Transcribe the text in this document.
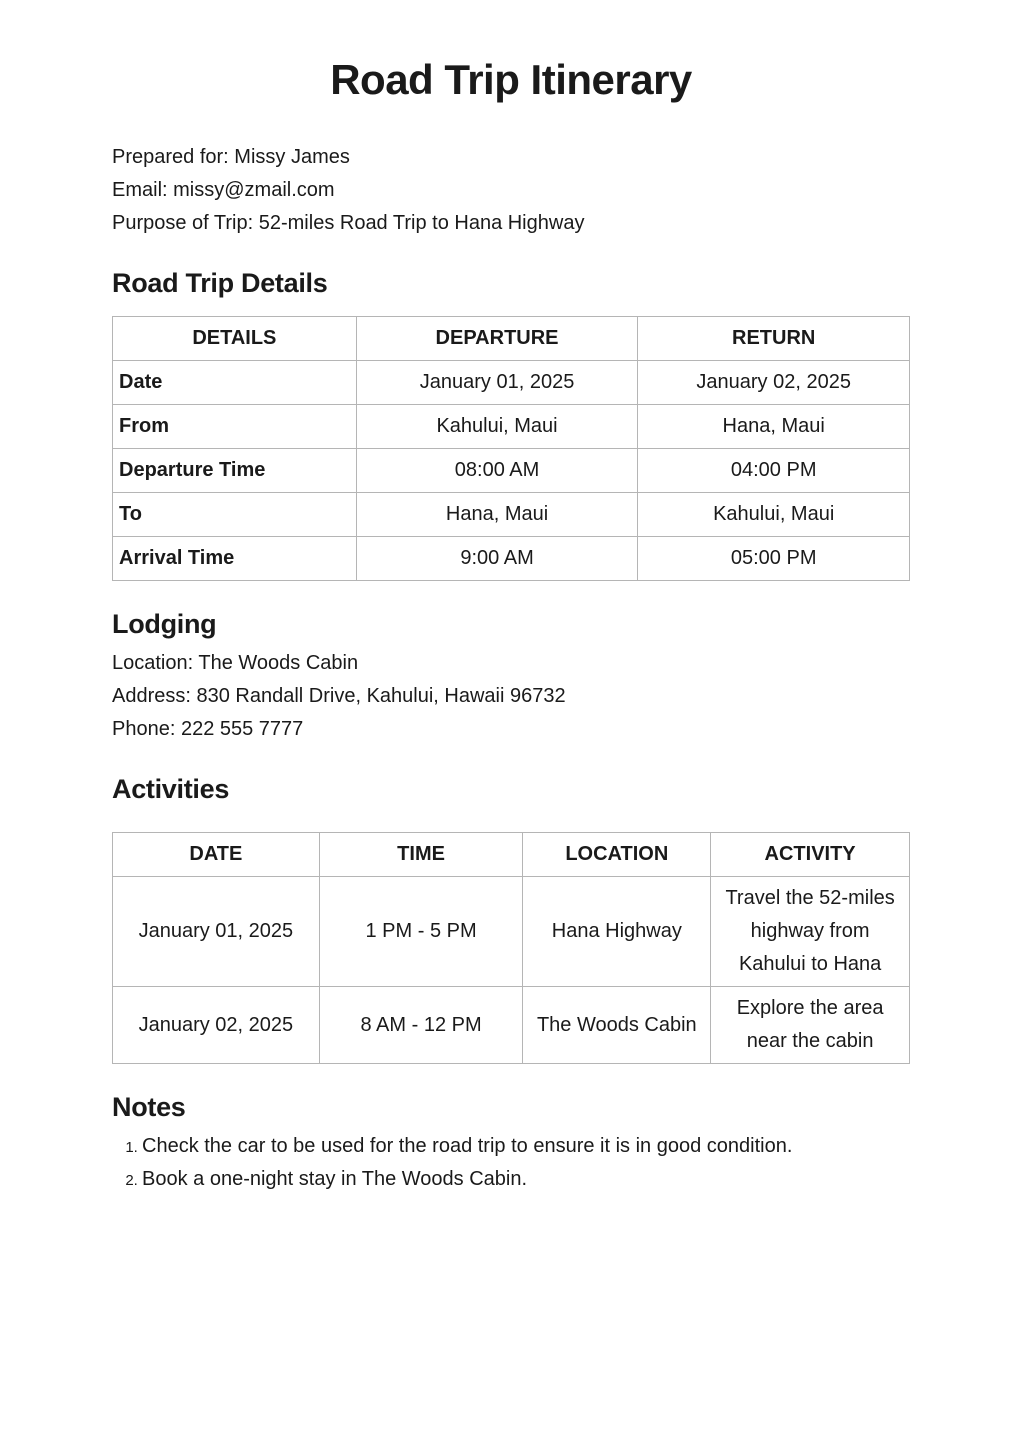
Road Trip Itinerary

Prepared for: Missy James

Email: missy@zmail.com

Purpose of Trip: 52-miles Road Trip to Hana Highway

Road Trip Details
DETAILS	DEPARTURE	RETURN
Date	January 01, 2025	January 02, 2025
From	Kahului, Maui	Hana, Maui
Departure Time	08:00 AM	04:00 PM
To	Hana, Maui	Kahului, Maui
Arrival Time	9:00 AM	05:00 PM
Lodging

Location: The Woods Cabin

Address: 830 Randall Drive, Kahului, Hawaii 96732

Phone: 222 555 7777

Activities
DATE	TIME	LOCATION	ACTIVITY
January 01, 2025	1 PM - 5 PM	Hana Highway	Travel the 52-miles highway from Kahului to Hana
January 02, 2025	8 AM - 12 PM	The Woods Cabin	Explore the area near the cabin
Notes
1. Check the car to be used for the road trip to ensure it is in good condition.
2. Book a one-night stay in The Woods Cabin.
